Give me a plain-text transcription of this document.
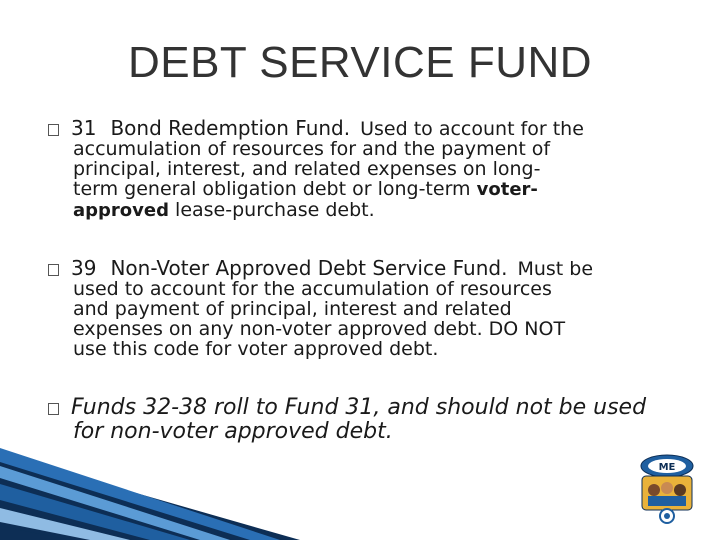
DEBT SERVICE FUND
31 Bond Redemption Fund. Used to account for the
accumulation of resources for and the payment of
principal, interest, and related expenses on long-
term general obligation debt or long-term voter-
approved lease-purchase debt.
39 Non-Voter Approved Debt Service Fund. Must be
used to account for the accumulation of resources
and payment of principal, interest and related
expenses on any non-voter approved debt. DO NOT
use this code for voter approved debt.
Funds 32-38 roll to Fund 31, and should not be used
for non-voter approved debt.
ME
